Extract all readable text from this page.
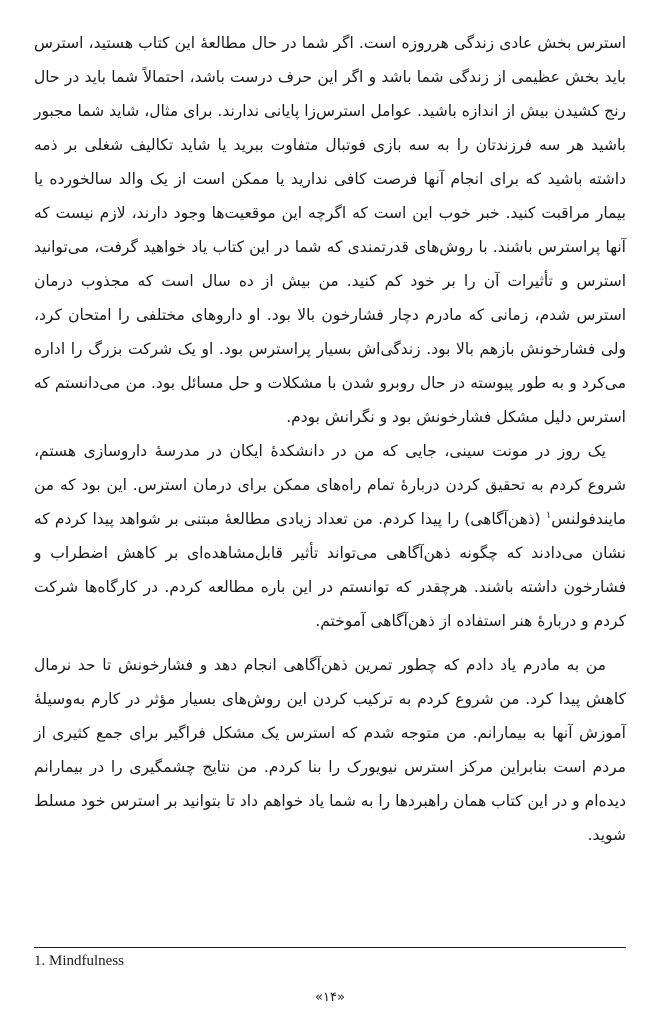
استرس بخش عادی زندگی هرروزه است. اگر شما در حال مطالعهٔ این کتاب هستید، استرس باید بخش عظیمی از زندگی شما باشد و اگر این حرف درست باشد، احتمالاً شما باید در حال رنج کشیدن بیش از اندازه باشید. عوامل استرس‌زا پایانی ندارند. برای مثال، شاید شما مجبور باشید هر سه فرزندتان را به سه بازی فوتبال متفاوت ببرید یا شاید تکالیف شغلی بر ذمه داشته باشید که برای انجام آنها فرصت کافی ندارید یا ممکن است از یک والد سالخورده یا بیمار مراقبت کنید. خبر خوب این است که اگرچه این موقعیت‌ها وجود دارند، لازم نیست که آنها پراسترس باشند. با روش‌های قدرتمندی که شما در این کتاب یاد خواهید گرفت، می‌توانید استرس و تأثیرات آن را بر خود کم کنید. من بیش از ده سال است که مجذوب درمان استرس شدم، زمانی که مادرم دچار فشارخون بالا بود. او داروهای مختلفی را امتحان کرد، ولی فشارخونش بازهم بالا بود. زندگی‌اش بسیار پراسترس بود. او یک شرکت بزرگ را اداره می‌کرد و به طور پیوسته در حال روبرو شدن با مشکلات و حل مسائل بود. من می‌دانستم که استرس دلیل مشکل فشارخونش بود و نگرانش بودم.

یک روز در مونت سینی، جایی که من در دانشکدهٔ ایکان در مدرسهٔ داروسازی هستم، شروع کردم به تحقیق کردن دربارهٔ تمام راه‌های ممکن برای درمان استرس. این بود که من مایندفولنس$^۱$ (ذهن‌آگاهی) را پیدا کردم. من تعداد زیادی مطالعهٔ مبتنی بر شواهد پیدا کردم که نشان می‌دادند که چگونه ذهن‌آگاهی می‌تواند تأثیر قابل‌مشاهده‌ای بر کاهش اضطراب و فشارخون داشته باشند. هرچقدر که توانستم در این باره مطالعه کردم. در کارگاه‌ها شرکت کردم و دربارهٔ هنر استفاده از ذهن‌آگاهی آموختم.

من به مادرم یاد دادم که چطور تمرین ذهن‌آگاهی انجام دهد و فشارخونش تا حد نرمال کاهش پیدا کرد. من شروع کردم به ترکیب کردن این روش‌های بسیار مؤثر در کارم به‌وسیلهٔ آموزش آنها به بیمارانم. من متوجه شدم که استرس یک مشکل فراگیر برای جمع کثیری از مردم است بنابراین مرکز استرس نیویورک را بنا کردم. من نتایج چشمگیری را در بیمارانم دیده‌ام و در این کتاب همان راهبردها را به شما یاد خواهم داد تا بتوانید بر استرس خود مسلط شوید.

1. Mindfulness
«۱۴»
